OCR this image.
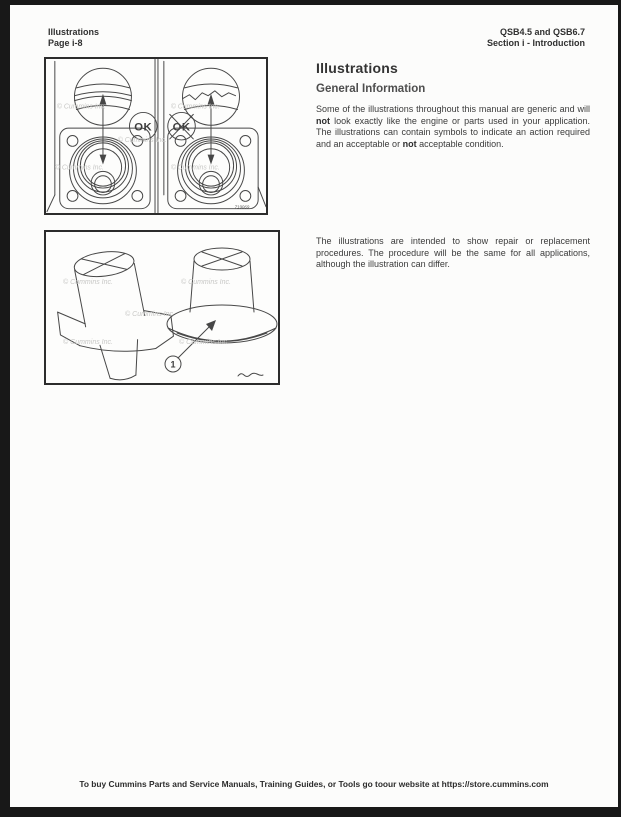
Illustrations
Page i-8
QSB4.5 and QSB6.7
Section i - Introduction
OK OK
© Cummins Inc.	© Cummins Inc.
© Cummins Inc.
© Cummins Inc.	© Cummins Inc.
719069
1
© Cummins Inc.	© Cummins Inc.
© Cummins Inc.
© Cummins Inc.	© Cummins Inc.
Illustrations
General Information

Some of the illustrations throughout this manual are generic and will not look exactly like the engine or parts used in your application. The illustrations can contain symbols to indicate an action required and an acceptable or not acceptable condition.

The illustrations are intended to show repair or replacement procedures. The procedure will be the same for all applications, although the illustration can differ.

To buy Cummins Parts and Service Manuals, Training Guides, or Tools go toour website at https://store.cummins.com
